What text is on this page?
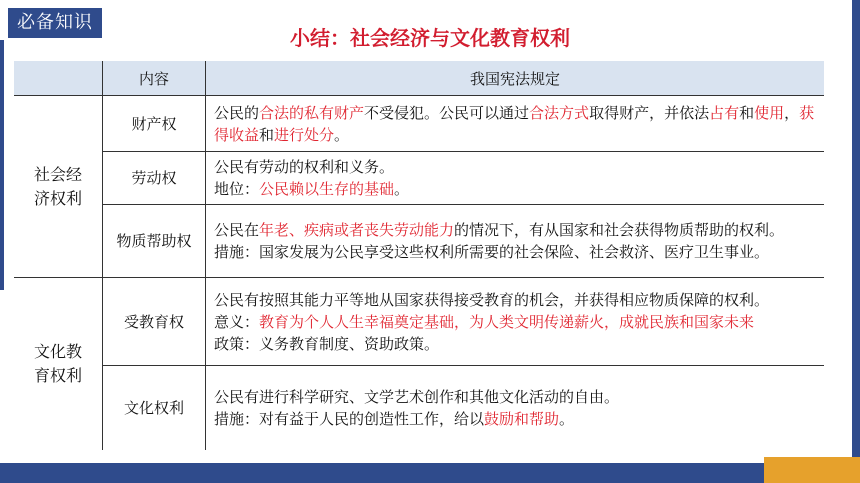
必备知识
小结：社会经济与文化教育权利
	内容	我国宪法规定
社会经济权利	财产权	公民的合法的私有财产不受侵犯。公民可以通过合法方式取得财产，并依法占有和使用，获得收益和进行处分。

	劳动权	公民有劳动的权利和义务。
地位：公民赖以生存的基础。

	物质帮助权	公民在年老、疾病或者丧失劳动能力的情况下，有从国家和社会获得物质帮助的权利。
措施：国家发展为公民享受这些权利所需要的社会保险、社会救济、医疗卫生事业。

文化教育权利	受教育权	公民有按照其能力平等地从国家获得接受教育的机会，并获得相应物质保障的权利。
意义：教育为个人人生幸福奠定基础，为人类文明传递薪火，成就民族和国家未来
政策：义务教育制度、资助政策。

	文化权利	公民有进行科学研究、文学艺术创作和其他文化活动的自由。
措施：对有益于人民的创造性工作，给以鼓励和帮助。
